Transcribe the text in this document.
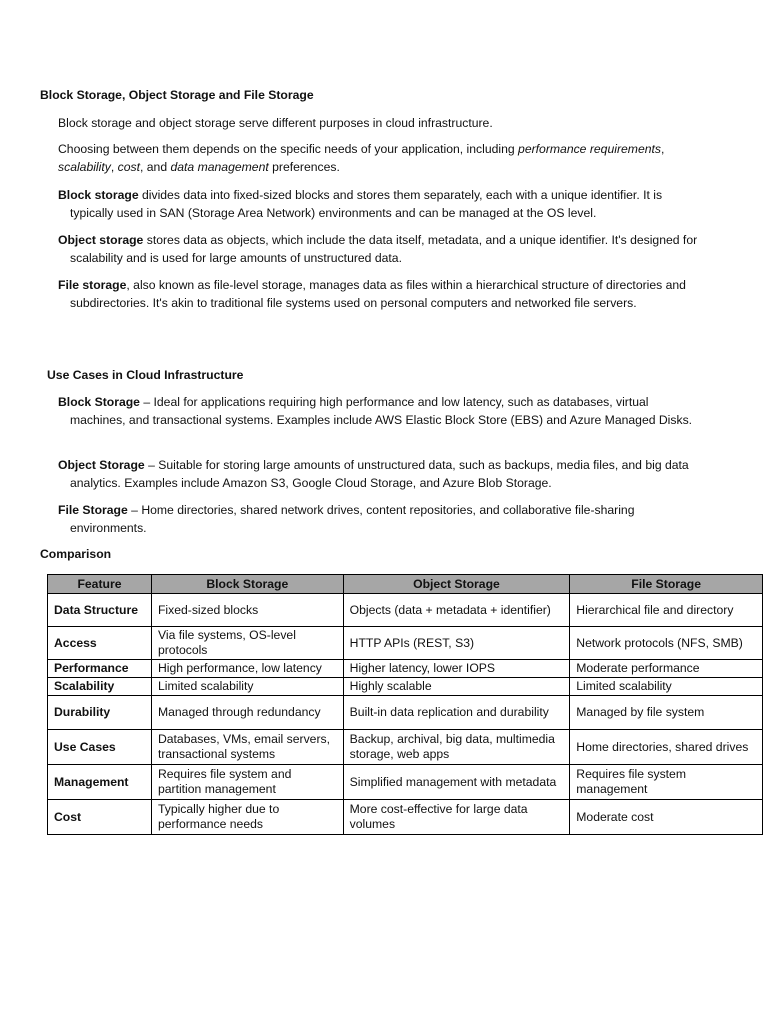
Block Storage, Object Storage and File Storage
Block storage and object storage serve different purposes in cloud infrastructure.
Choosing between them depends on the specific needs of your application, including performance requirements, scalability, cost, and data management preferences.
Block storage divides data into fixed-sized blocks and stores them separately, each with a unique identifier. It is typically used in SAN (Storage Area Network) environments and can be managed at the OS level.
Object storage stores data as objects, which include the data itself, metadata, and a unique identifier. It's designed for scalability and is used for large amounts of unstructured data.
File storage, also known as file-level storage, manages data as files within a hierarchical structure of directories and subdirectories. It's akin to traditional file systems used on personal computers and networked file servers.
Use Cases in Cloud Infrastructure
Block Storage – Ideal for applications requiring high performance and low latency, such as databases, virtual machines, and transactional systems. Examples include AWS Elastic Block Store (EBS) and Azure Managed Disks.
Object Storage – Suitable for storing large amounts of unstructured data, such as backups, media files, and big data analytics. Examples include Amazon S3, Google Cloud Storage, and Azure Blob Storage.
File Storage – Home directories, shared network drives, content repositories, and collaborative file-sharing environments.
Comparison
Feature	Block Storage	Object Storage	File Storage
Data Structure	Fixed-sized blocks	Objects (data + metadata + identifier)	Hierarchical file and directory
Access	Via file systems, OS-level protocols	HTTP APIs (REST, S3)	Network protocols (NFS, SMB)
Performance	High performance, low latency	Higher latency, lower IOPS	Moderate performance
Scalability	Limited scalability	Highly scalable	Limited scalability
Durability	Managed through redundancy	Built-in data replication and durability	Managed by file system
Use Cases	Databases, VMs, email servers, transactional systems	Backup, archival, big data, multimedia storage, web apps	Home directories, shared drives
Management	Requires file system and partition management	Simplified management with metadata	Requires file system management
Cost	Typically higher due to performance needs	More cost-effective for large data volumes	Moderate cost
